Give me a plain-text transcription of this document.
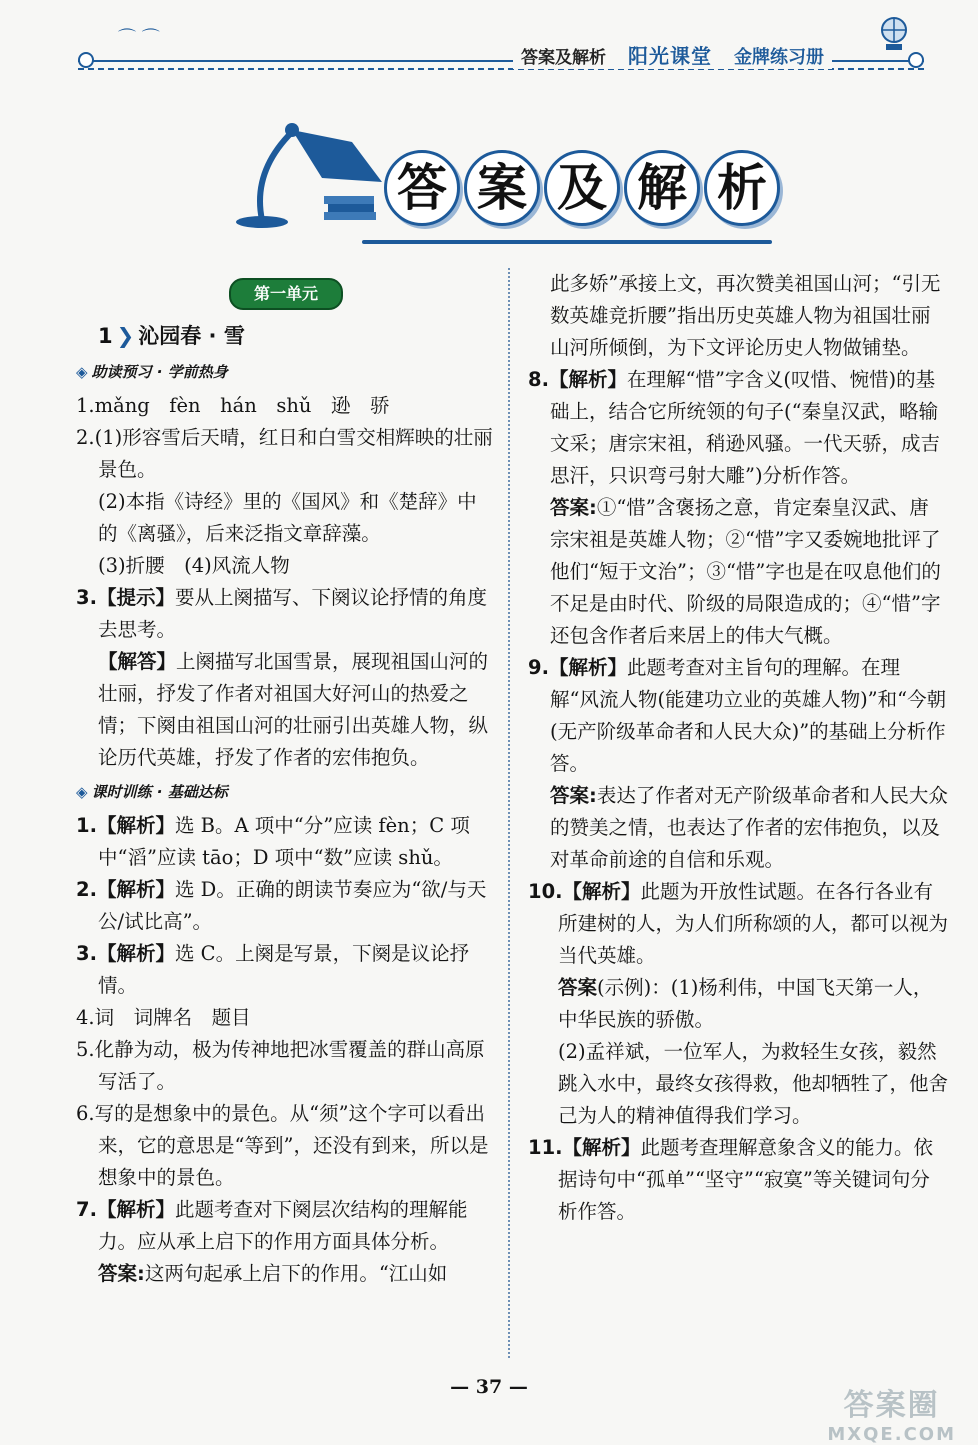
⌒ ⌒
答案及解析 阳光课堂 金牌练习册
答 案 及 解 析
第一单元
1 ❯ 沁园春 · 雪
◈ 助读预习 · 学前热身

1.mǎng　fèn　hán　shǔ　逊　骄

2.(1)形容雪后天晴，红日和白雪交相辉映的壮丽景色。

(2)本指《诗经》里的《国风》和《楚辞》中的《离骚》，后来泛指文章辞藻。

(3)折腰　(4)风流人物

3.【提示】要从上阕描写、下阕议论抒情的角度去思考。

【解答】上阕描写北国雪景，展现祖国山河的壮丽，抒发了作者对祖国大好河山的热爱之情；下阕由祖国山河的壮丽引出英雄人物，纵论历代英雄，抒发了作者的宏伟抱负。

◈ 课时训练 · 基础达标

1.【解析】选 B。A 项中“分”应读 fèn；C 项中“滔”应读 tāo；D 项中“数”应读 shǔ。

2.【解析】选 D。正确的朗读节奏应为“欲/与天公/试比高”。

3.【解析】选 C。上阕是写景，下阕是议论抒情。

4.词　词牌名　题目

5.化静为动，极为传神地把冰雪覆盖的群山高原写活了。

6.写的是想象中的景色。从“须”这个字可以看出来，它的意思是“等到”，还没有到来，所以是想象中的景色。

7.【解析】此题考查对下阕层次结构的理解能力。应从承上启下的作用方面具体分析。

答案:这两句起承上启下的作用。“江山如

此多娇”承接上文，再次赞美祖国山河；“引无数英雄竞折腰”指出历史英雄人物为祖国壮丽山河所倾倒，为下文评论历史人物做铺垫。

8.【解析】在理解“惜”字含义(叹惜、惋惜)的基础上，结合它所统领的句子(“秦皇汉武，略输文采；唐宗宋祖，稍逊风骚。一代天骄，成吉思汗，只识弯弓射大雕”)分析作答。

答案:①“惜”含褒扬之意，肯定秦皇汉武、唐宗宋祖是英雄人物；②“惜”字又委婉地批评了他们“短于文治”；③“惜”字也是在叹息他们的不足是由时代、阶级的局限造成的；④“惜”字还包含作者后来居上的伟大气概。

9.【解析】此题考查对主旨句的理解。在理解“风流人物(能建功立业的英雄人物)”和“今朝(无产阶级革命者和人民大众)”的基础上分析作答。

答案:表达了作者对无产阶级革命者和人民大众的赞美之情，也表达了作者的宏伟抱负，以及对革命前途的自信和乐观。

10.【解析】此题为开放性试题。在各行各业有所建树的人，为人们所称颂的人，都可以视为当代英雄。

答案(示例)：(1)杨利伟，中国飞天第一人，中华民族的骄傲。

(2)孟祥斌，一位军人，为救轻生女孩，毅然跳入水中，最终女孩得救，他却牺牲了，他舍己为人的精神值得我们学习。

11.【解析】此题考查理解意象含义的能力。依据诗句中“孤单”“坚守”“寂寞”等关键词句分析作答。

— 37 —
答案圈
MXQE.COM
